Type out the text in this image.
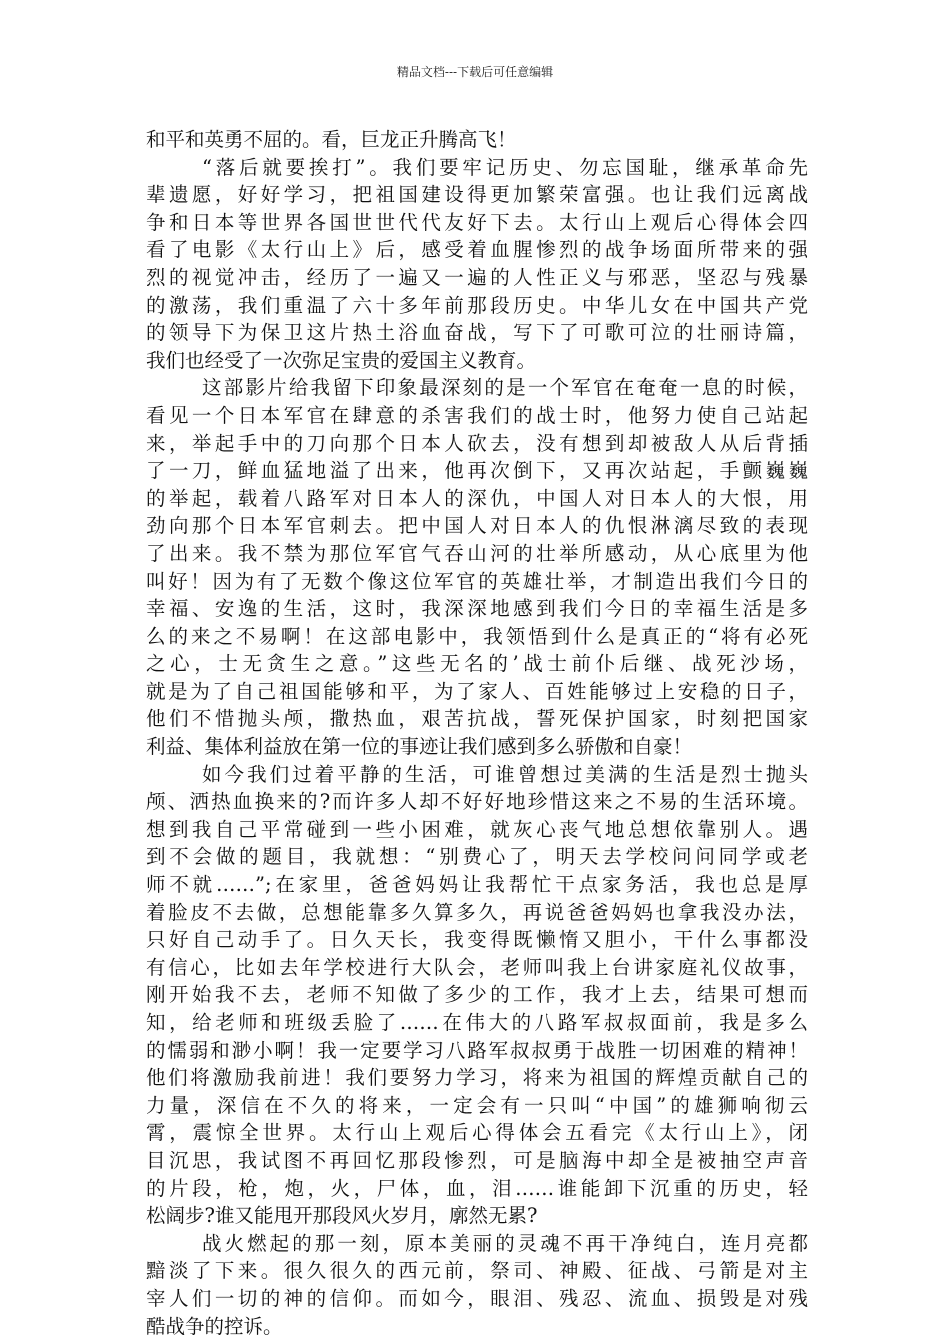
精品文档---下载后可任意编辑
和平和英勇不屈的。看，巨龙正升腾高飞！
“落后就要挨打”。我们要牢记历史、勿忘国耻，继承革命先
辈遗愿，好好学习，把祖国建设得更加繁荣富强。也让我们远离战
争和日本等世界各国世世代代友好下去。太行山上观后心得体会四
看了电影《太行山上》后，感受着血腥惨烈的战争场面所带来的强
烈的视觉冲击，经历了一遍又一遍的人性正义与邪恶，坚忍与残暴
的激荡，我们重温了六十多年前那段历史。中华儿女在中国共产党
的领导下为保卫这片热土浴血奋战，写下了可歌可泣的壮丽诗篇，
我们也经受了一次弥足宝贵的爱国主义教育。
这部影片给我留下印象最深刻的是一个军官在奄奄一息的时候，
看见一个日本军官在肆意的杀害我们的战士时，他努力使自己站起
来，举起手中的刀向那个日本人砍去，没有想到却被敌人从后背插
了一刀，鲜血猛地溢了出来，他再次倒下，又再次站起，手颤巍巍
的举起，载着八路军对日本人的深仇，中国人对日本人的大恨，用
劲向那个日本军官刺去。把中国人对日本人的仇恨淋漓尽致的表现
了出来。我不禁为那位军官气吞山河的壮举所感动，从心底里为他
叫好！因为有了无数个像这位军官的英雄壮举，才制造出我们今日的
幸福、安逸的生活，这时，我深深地感到我们今日的幸福生活是多
么的来之不易啊！在这部电影中，我领悟到什么是真正的“将有必死
之心，士无贪生之意。”这些无名的’战士前仆后继、战死沙场，
就是为了自己祖国能够和平，为了家人、百姓能够过上安稳的日子，
他们不惜抛头颅，撒热血，艰苦抗战，誓死保护国家，时刻把国家
利益、集体利益放在第一位的事迹让我们感到多么骄傲和自豪！
如今我们过着平静的生活，可谁曾想过美满的生活是烈士抛头
颅、洒热血换来的?而许多人却不好好地珍惜这来之不易的生活环境。
想到我自己平常碰到一些小困难，就灰心丧气地总想依靠别人。遇
到不会做的题目，我就想：“别费心了，明天去学校问问同学或老
师不就……”;在家里，爸爸妈妈让我帮忙干点家务活，我也总是厚
着脸皮不去做，总想能靠多久算多久，再说爸爸妈妈也拿我没办法，
只好自己动手了。日久天长，我变得既懒惰又胆小，干什么事都没
有信心，比如去年学校进行大队会，老师叫我上台讲家庭礼仪故事，
刚开始我不去，老师不知做了多少的工作，我才上去，结果可想而
知，给老师和班级丢脸了……在伟大的八路军叔叔面前，我是多么
的懦弱和渺小啊！我一定要学习八路军叔叔勇于战胜一切困难的精神！
他们将激励我前进！我们要努力学习，将来为祖国的辉煌贡献自己的
力量，深信在不久的将来，一定会有一只叫“中国”的雄狮响彻云
霄，震惊全世界。太行山上观后心得体会五看完《太行山上》，闭
目沉思，我试图不再回忆那段惨烈，可是脑海中却全是被抽空声音
的片段，枪，炮，火，尸体，血，泪……谁能卸下沉重的历史，轻
松阔步?谁又能甩开那段风火岁月，廓然无累?
战火燃起的那一刻，原本美丽的灵魂不再干净纯白，连月亮都
黯淡了下来。很久很久的西元前，祭司、神殿、征战、弓箭是对主
宰人们一切的神的信仰。而如今，眼泪、残忍、流血、损毁是对残
酷战争的控诉。
